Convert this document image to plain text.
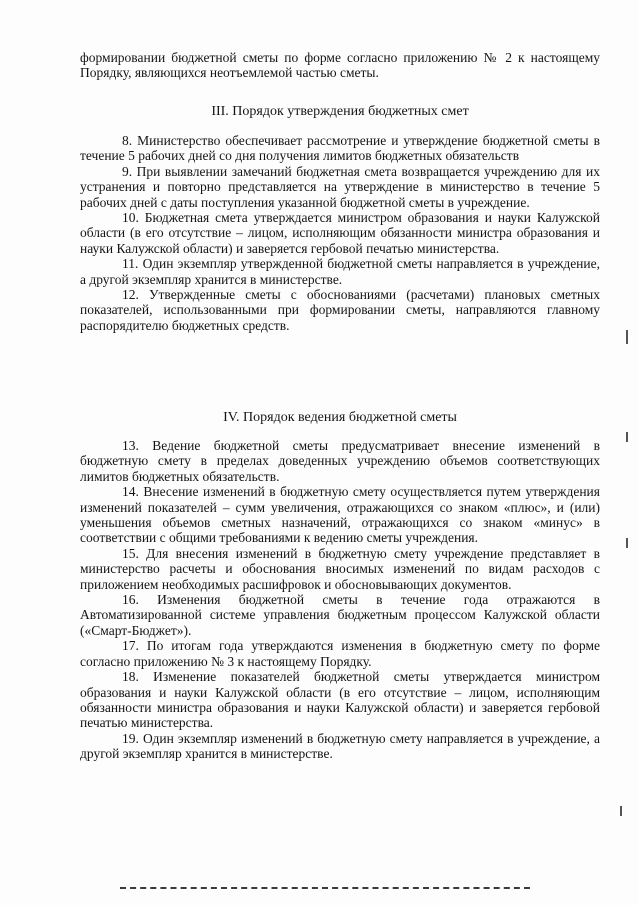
формировании бюджетной сметы по форме согласно приложению № 2 к настоящему Порядку, являющихся неотъемлемой частью сметы.

III. Порядок утверждения бюджетных смет

8. Министерство обеспечивает рассмотрение и утверждение бюджетной сметы в течение 5 рабочих дней со дня получения лимитов бюджетных обязательств

9. При выявлении замечаний бюджетная смета возвращается учреждению для их устранения и повторно представляется на утверждение в министерство в течение 5 рабочих дней с даты поступления указанной бюджетной сметы в учреждение.

10. Бюджетная смета утверждается министром образования и науки Калужской области (в его отсутствие – лицом, исполняющим обязанности министра образования и науки Калужской области) и заверяется гербовой печатью министерства.

11. Один экземпляр утвержденной бюджетной сметы направляется в учреждение, а другой экземпляр хранится в министерстве.

12. Утвержденные сметы с обоснованиями (расчетами) плановых сметных показателей, использованными при формировании сметы, направляются главному распорядителю бюджетных средств.

IV. Порядок ведения бюджетной сметы

13. Ведение бюджетной сметы предусматривает внесение изменений в бюджетную смету в пределах доведенных учреждению объемов соответствующих лимитов бюджетных обязательств.

14. Внесение изменений в бюджетную смету осуществляется путем утверждения изменений показателей – сумм увеличения, отражающихся со знаком «плюс», и (или) уменьшения объемов сметных назначений, отражающихся со знаком «минус» в соответствии с общими требованиями к ведению сметы учреждения.

15. Для внесения изменений в бюджетную смету учреждение представляет в министерство расчеты и обоснования вносимых изменений по видам расходов с приложением необходимых расшифровок и обосновывающих документов.

16. Изменения бюджетной сметы в течение года отражаются в Автоматизированной системе управления бюджетным процессом Калужской области («Смарт-Бюджет»).

17. По итогам года утверждаются изменения в бюджетную смету по форме согласно приложению № 3 к настоящему Порядку.

18. Изменение показателей бюджетной сметы утверждается министром образования и науки Калужской области (в его отсутствие – лицом, исполняющим обязанности министра образования и науки Калужской области) и заверяется гербовой печатью министерства.

19. Один экземпляр изменений в бюджетную смету направляется в учреждение, а другой экземпляр хранится в министерстве.
